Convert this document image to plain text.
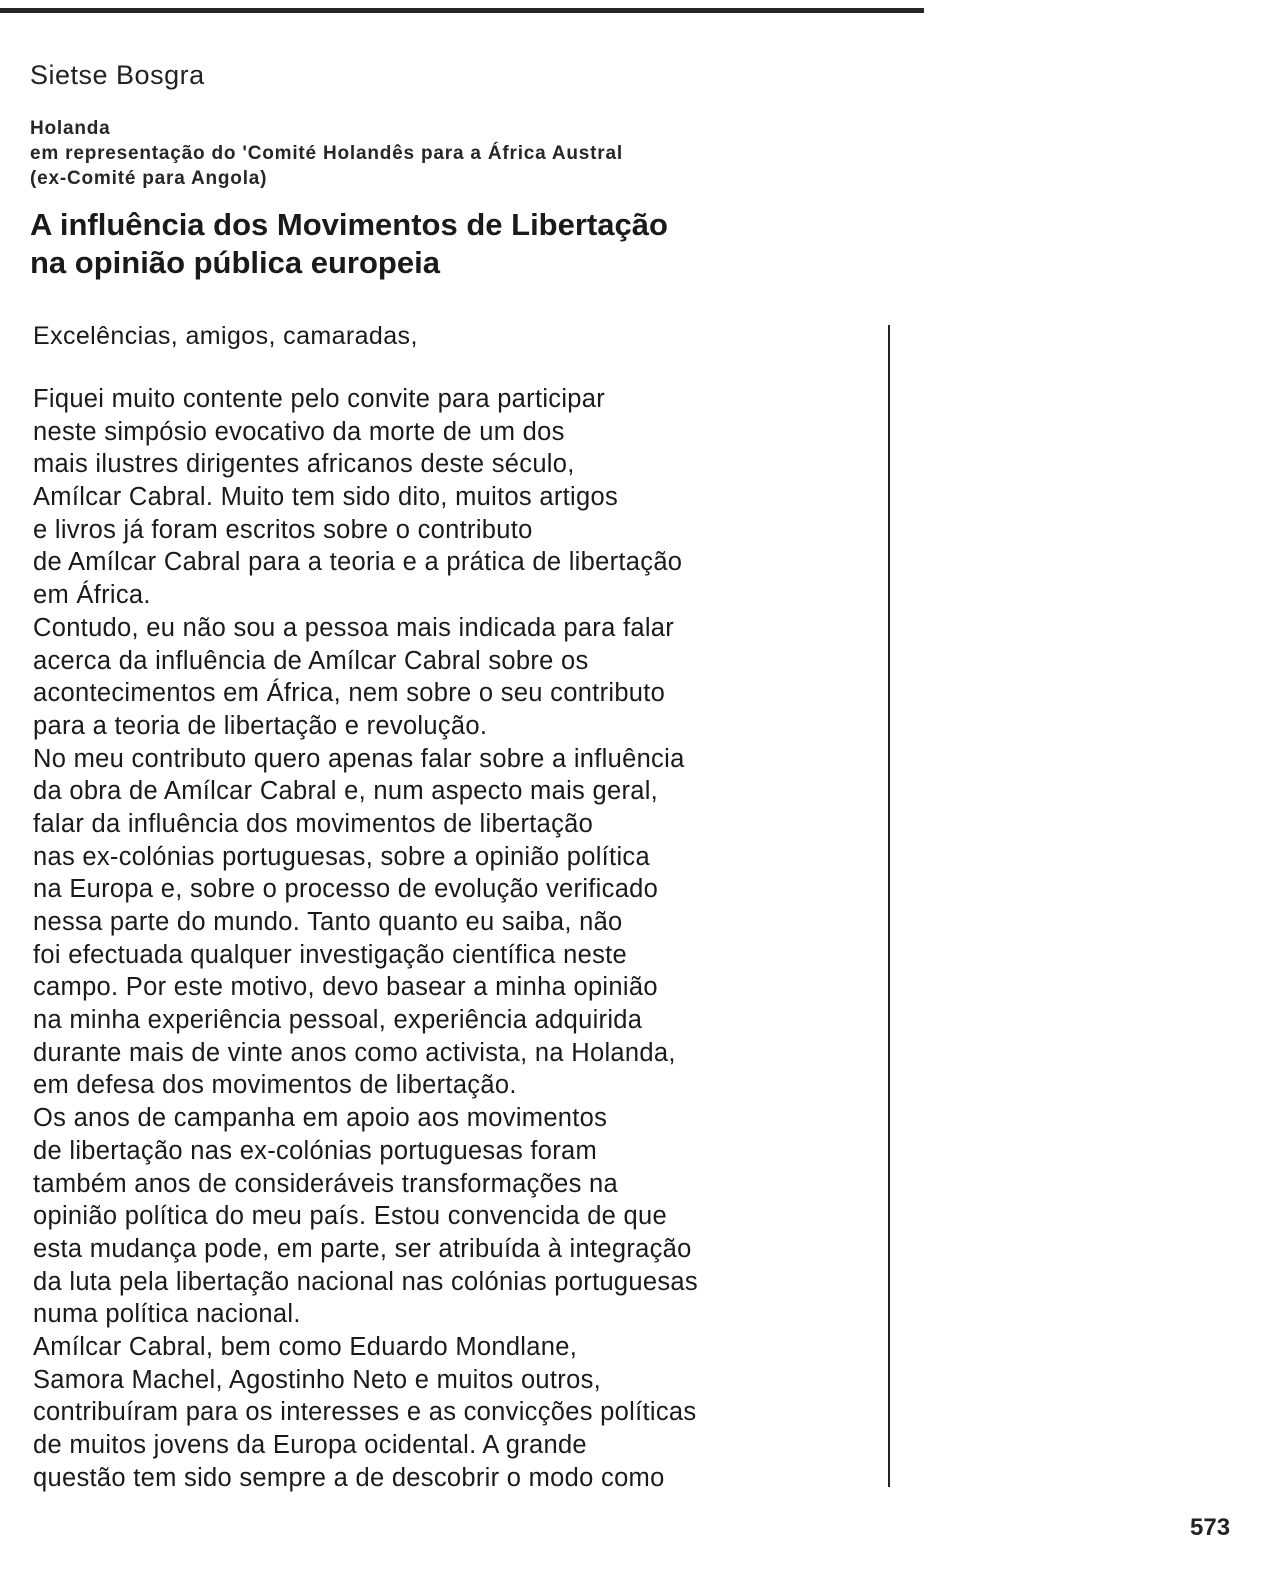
Sietse Bosgra
Holanda
em representação do 'Comité Holandês para a África Austral
(ex-Comité para Angola)
A influência dos Movimentos de Libertação
na opinião pública europeia
Excelências, amigos, camaradas,
Fiquei muito contente pelo convite para participar
neste simpósio evocativo da morte de um dos
mais ilustres dirigentes africanos deste século,
Amílcar Cabral. Muito tem sido dito, muitos artigos
e livros já foram escritos sobre o contributo
de Amílcar Cabral para a teoria e a prática de libertação
em África.
Contudo, eu não sou a pessoa mais indicada para falar
acerca da influência de Amílcar Cabral sobre os
acontecimentos em África, nem sobre o seu contributo
para a teoria de libertação e revolução.
No meu contributo quero apenas falar sobre a influência
da obra de Amílcar Cabral e, num aspecto mais geral,
falar da influência dos movimentos de libertação
nas ex-colónias portuguesas, sobre a opinião política
na Europa e, sobre o processo de evolução verificado
nessa parte do mundo. Tanto quanto eu saiba, não
foi efectuada qualquer investigação científica neste
campo. Por este motivo, devo basear a minha opinião
na minha experiência pessoal, experiência adquirida
durante mais de vinte anos como activista, na Holanda,
em defesa dos movimentos de libertação.
Os anos de campanha em apoio aos movimentos
de libertação nas ex-colónias portuguesas foram
também anos de consideráveis transformações na
opinião política do meu país. Estou convencida de que
esta mudança pode, em parte, ser atribuída à integração
da luta pela libertação nacional nas colónias portuguesas
numa política nacional.
Amílcar Cabral, bem como Eduardo Mondlane,
Samora Machel, Agostinho Neto e muitos outros,
contribuíram para os interesses e as convicções políticas
de muitos jovens da Europa ocidental. A grande
questão tem sido sempre a de descobrir o modo como
573
